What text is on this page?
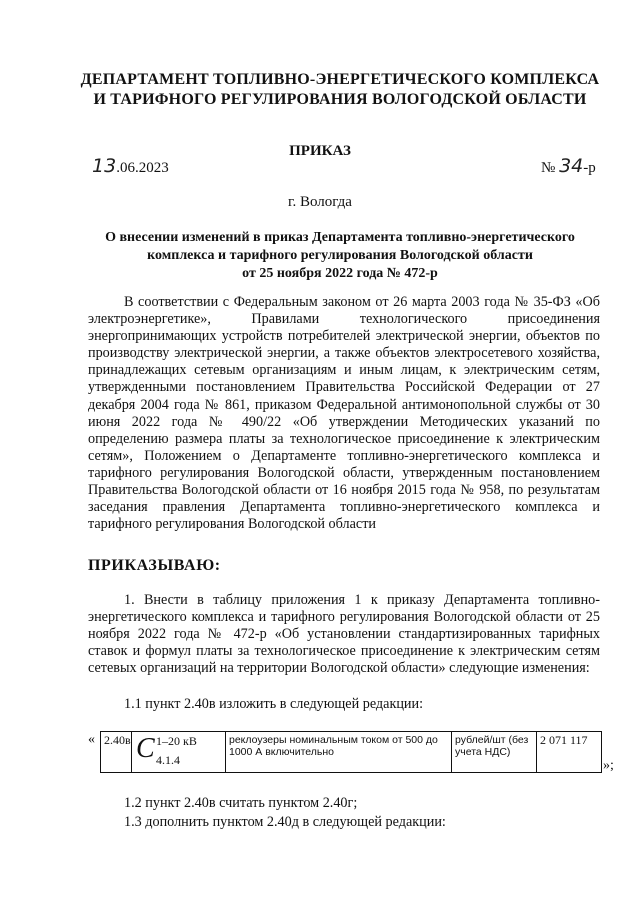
ДЕПАРТАМЕНТ ТОПЛИВНО-ЭНЕРГЕТИЧЕСКОГО КОМПЛЕКСА
И ТАРИФНОГО РЕГУЛИРОВАНИЯ ВОЛОГОДСКОЙ ОБЛАСТИ
ПРИКАЗ
13.06.2023	№ 34-р
г. Вологда
О внесении изменений в приказ Департамента топливно-энергетического
комплекса и тарифного регулирования Вологодской области
от 25 ноября 2022 года № 472-р
В соответствии с Федеральным законом от 26 марта 2003 года № 35-ФЗ «Об электроэнергетике», Правилами технологического присоединения энергопринимающих устройств потребителей электрической энергии, объектов по производству электрической энергии, а также объектов электросетевого хозяйства, принадлежащих сетевым организациям и иным лицам, к электрическим сетям, утвержденными постановлением Правительства Российской Федерации от 27 декабря 2004 года № 861, приказом Федеральной антимонопольной службы от 30 июня 2022 года № 490/22 «Об утверждении Методических указаний по определению размера платы за технологическое присоединение к электрическим сетям», Положением о Департаменте топливно-энергетического комплекса и тарифного регулирования Вологодской области, утвержденным постановлением Правительства Вологодской области от 16 ноября 2015 года № 958, по результатам заседания правления Департамента топливно-энергетического комплекса и тарифного регулирования Вологодской области
ПРИКАЗЫВАЮ:
1. Внести в таблицу приложения 1 к приказу Департамента топливно-энергетического комплекса и тарифного регулирования Вологодской области от 25 ноября 2022 года № 472-р «Об установлении стандартизированных тарифных ставок и формул платы за технологическое присоединение к электрическим сетям сетевых организаций на территории Вологодской области» следующие изменения:
1.1 пункт 2.40в изложить в следующей редакции:
« 2.40в C 1–20 кВ
4.1.4
реклоузеры номинальным током от 500 до 1000 А включительно
рублей/шт (без учета НДС)
2 071 117
»;
1.2 пункт 2.40в считать пунктом 2.40г;
1.3 дополнить пунктом 2.40д в следующей редакции:
